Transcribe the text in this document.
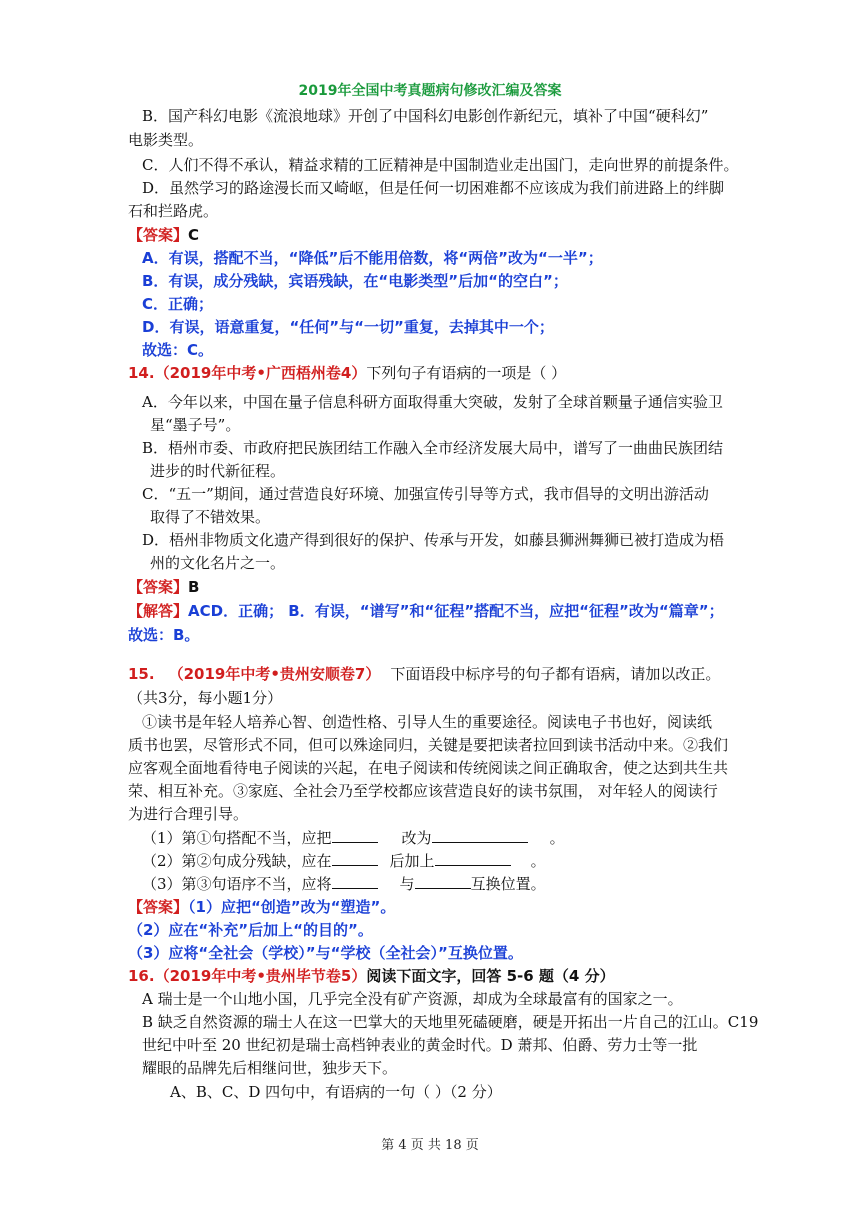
2019年全国中考真题病句修改汇编及答案
B．国产科幻电影《流浪地球》开创了中国科幻电影创作新纪元，填补了中国“硬科幻”
电影类型。
C．人们不得不承认，精益求精的工匠精神是中国制造业走出国门，走向世界的前提条件。
D．虽然学习的路途漫长而又崎岖，但是任何一切困难都不应该成为我们前进路上的绊脚
石和拦路虎。
【答案】C
A．有误，搭配不当，“降低”后不能用倍数，将“两倍”改为“一半”；
B．有误，成分残缺，宾语残缺，在“电影类型”后加“的空白”；
C．正确；
D．有误，语意重复，“任何”与“一切”重复，去掉其中一个；
故选：C。
14.（2019年中考•广西梧州卷4）下列句子有语病的一项是（ ）
A．今年以来，中国在量子信息科研方面取得重大突破，发射了全球首颗量子通信实验卫
星“墨子号”。
B．梧州市委、市政府把民族团结工作融入全市经济发展大局中，谱写了一曲曲民族团结
进步的时代新征程。
C．“五一”期间，通过营造良好环境、加强宣传引导等方式，我市倡导的文明出游活动
取得了不错效果。
D．梧州非物质文化遗产得到很好的保护、传承与开发，如藤县狮洲舞狮已被打造成为梧
州的文化名片之一。
【答案】B
【解答】ACD．正确； B．有误，“谱写”和“征程”搭配不当，应把“征程”改为“篇章”；
故选：B。
15. （2019年中考•贵州安顺卷7） 下面语段中标序号的句子都有语病，请加以改正。
（共3分，每小题1分）
①读书是年轻人培养心智、创造性格、引导人生的重要途径。阅读电子书也好，阅读纸
质书也罢，尽管形式不同，但可以殊途同归，关键是要把读者拉回到读书活动中来。②我们
应客观全面地看待电子阅读的兴起，在电子阅读和传统阅读之间正确取舍，使之达到共生共
荣、相互补充。③家庭、全社会乃至学校都应该营造良好的读书氛围， 对年轻人的阅读行
为进行合理引导。
（1）第①句搭配不当，应把	改为	。
（2）第②句成分残缺，应在	后加上	。
（3）第③句语序不当，应将	与	互换位置。
【答案】（1）应把“创造”改为“塑造”。
（2）应在“补充”后加上“的目的”。
（3）应将“全社会（学校）”与“学校（全社会）”互换位置。
16.（2019年中考•贵州毕节卷5）阅读下面文字，回答 5-6 题（4 分）
A 瑞士是一个山地小国，几乎完全没有矿产资源，却成为全球最富有的国家之一。
B 缺乏自然资源的瑞士人在这一巴掌大的天地里死磕硬磨，硬是开拓出一片自己的江山。C19
世纪中叶至 20 世纪初是瑞士高档钟表业的黄金时代。D 萧邦、伯爵、劳力士等一批
耀眼的品牌先后相继问世，独步天下。
A、B、C、D 四句中，有语病的一句（ ）（2 分）
第 4 页 共 18 页
